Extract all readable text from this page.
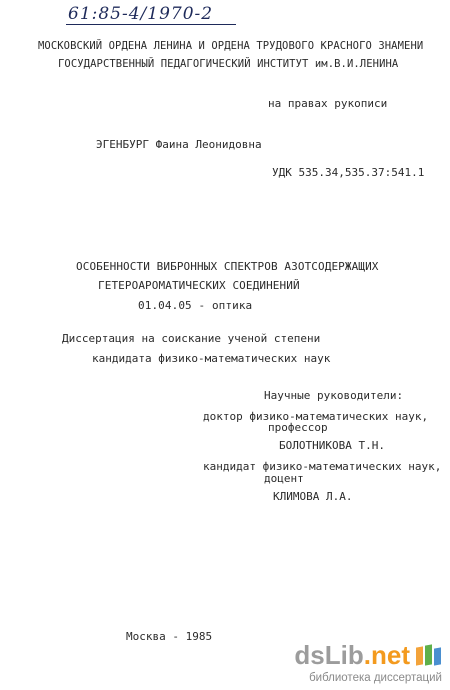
61:85-4/1970-2
МОСКОВСКИЙ ОРДЕНА ЛЕНИНА И ОРДЕНА ТРУДОВОГО КРАСНОГО ЗНАМЕНИ
ГОСУДАРСТВЕННЫЙ ПЕДАГОГИЧЕСКИЙ ИНСТИТУТ им.В.И.ЛЕНИНА
на правах рукописи
ЭГЕНБУРГ Фаина Леонидовна
УДК 535.34,535.37:541.1
ОСОБЕННОСТИ ВИБРОННЫХ СПЕКТРОВ АЗОТСОДЕРЖАЩИХ
ГЕТЕРОАРОМАТИЧЕСКИХ СОЕДИНЕНИЙ
01.04.05 - оптика
Диссертация на соискание ученой степени
кандидата физико-математических наук
Научные руководители:
доктор физико-математических наук,
профессор
БОЛОТНИКОВА Т.Н.
кандидат физико-математических наук,
доцент
КЛИМОВА Л.А.
Москва - 1985
dsLib.net
библиотека диссертаций
